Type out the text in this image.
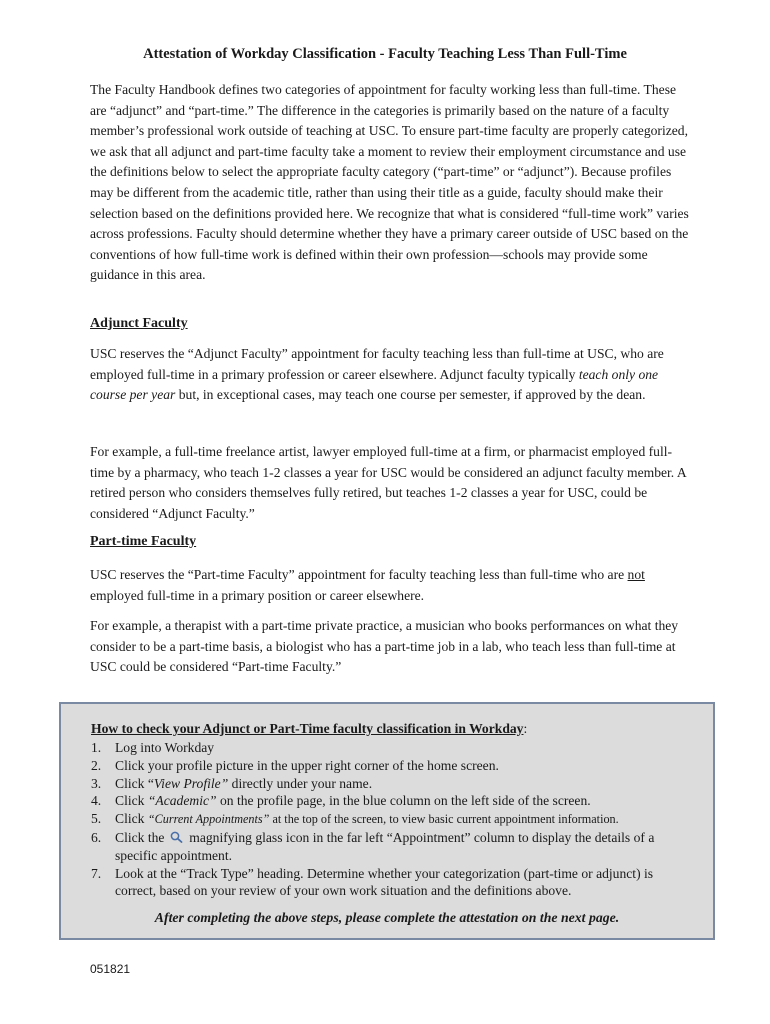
Attestation of Workday Classification - Faculty Teaching Less Than Full-Time

The Faculty Handbook defines two categories of appointment for faculty working less than full-time. These are “adjunct” and “part-time.” The difference in the categories is primarily based on the nature of a faculty member’s professional work outside of teaching at USC. To ensure part-time faculty are properly categorized, we ask that all adjunct and part-time faculty take a moment to review their employment circumstance and use the definitions below to select the appropriate faculty category (“part-time” or “adjunct”). Because profiles may be different from the academic title, rather than using their title as a guide, faculty should make their selection based on the definitions provided here. We recognize that what is considered “full-time work” varies across professions. Faculty should determine whether they have a primary career outside of USC based on the conventions of how full-time work is defined within their own profession—schools may provide some guidance in this area.

Adjunct Faculty

USC reserves the “Adjunct Faculty” appointment for faculty teaching less than full-time at USC, who are employed full-time in a primary profession or career elsewhere. Adjunct faculty typically teach only one course per year but, in exceptional cases, may teach one course per semester, if approved by the dean.

For example, a full-time freelance artist, lawyer employed full-time at a firm, or pharmacist employed full-time by a pharmacy, who teach 1-2 classes a year for USC would be considered an adjunct faculty member. A retired person who considers themselves fully retired, but teaches 1-2 classes a year for USC, could be considered “Adjunct Faculty.”

Part-time Faculty

USC reserves the “Part-time Faculty” appointment for faculty teaching less than full-time who are not employed full-time in a primary position or career elsewhere.

For example, a therapist with a part-time private practice, a musician who books performances on what they consider to be a part-time basis, a biologist who has a part-time job in a lab, who teach less than full-time at USC could be considered “Part-time Faculty.”

How to check your Adjunct or Part-Time faculty classification in Workday:

1. Log into Workday
2. Click your profile picture in the upper right corner of the home screen.
3. Click “View Profile” directly under your name.
4. Click “Academic” on the profile page, in the blue column on the left side of the screen.
5. Click “Current Appointments” at the top of the screen, to view basic current appointment information.
6. Click the  magnifying glass icon in the far left “Appointment” column to display the details of a specific appointment.
7. Look at the “Track Type” heading. Determine whether your categorization (part-time or adjunct) is correct, based on your review of your own work situation and the definitions above.

After completing the above steps, please complete the attestation on the next page.

051821
